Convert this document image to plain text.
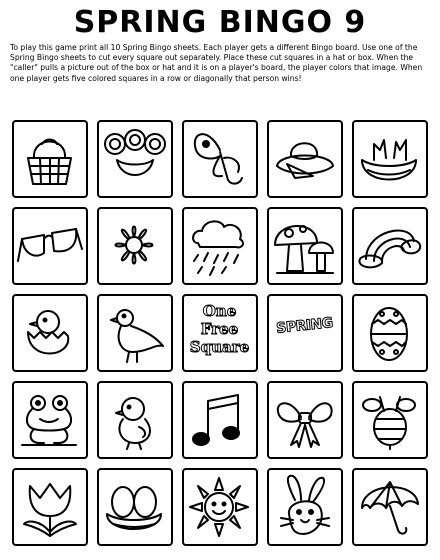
SPRING BINGO 9
To play this game print all 10 Spring Bingo sheets. Each player gets a different Bingo board. Use one of the Spring Bingo sheets to cut every square out separately. Place these cut squares in a hat or box. When the "caller" pulls a picture out of the box or hat and it is on a player's board, the player colors that image. When one player gets five colored squares in a row or diagonally that person wins!
One
Free
Square
SPRING
